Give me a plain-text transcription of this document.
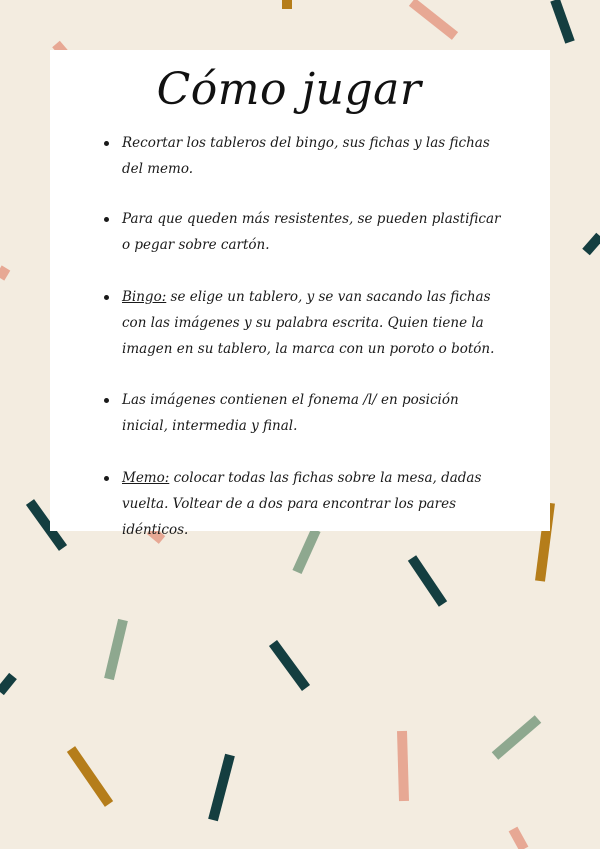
Cómo jugar
Recortar los tableros del bingo, sus fichas y las fichas del memo.
Para que queden más resistentes, se pueden plastificar o pegar sobre cartón.
Bingo: se elige un tablero, y se van sacando las fichas con las imágenes y su palabra escrita. Quien tiene la imagen en su tablero, la marca con un poroto o botón.
Las imágenes contienen el fonema /l/ en posición inicial, intermedia y final.
Memo: colocar todas las fichas sobre la mesa, dadas vuelta. Voltear de a dos para encontrar los pares idénticos.
